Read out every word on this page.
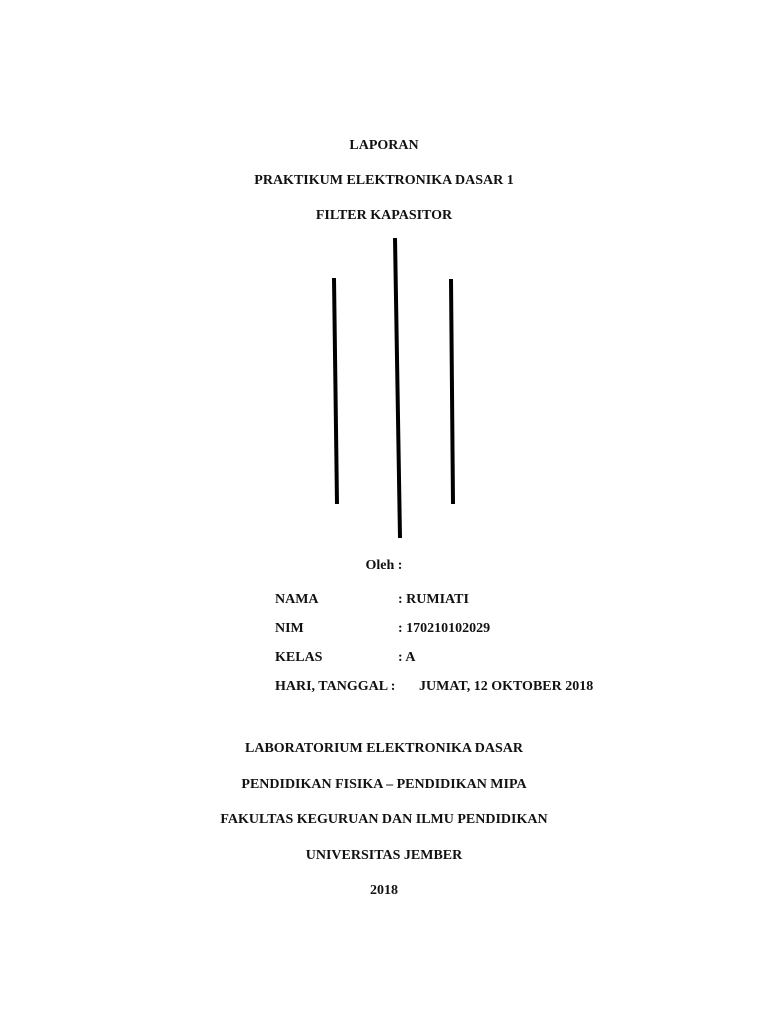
LAPORAN
PRAKTIKUM ELEKTRONIKA DASAR 1
FILTER KAPASITOR
Oleh :
NAMA	: RUMIATI
NIM	: 170210102029
KELAS	: A
HARI, TANGGAL : JUMAT, 12 OKTOBER 2018
LABORATORIUM ELEKTRONIKA DASAR
PENDIDIKAN FISIKA – PENDIDIKAN MIPA
FAKULTAS KEGURUAN DAN ILMU PENDIDIKAN
UNIVERSITAS JEMBER
2018
